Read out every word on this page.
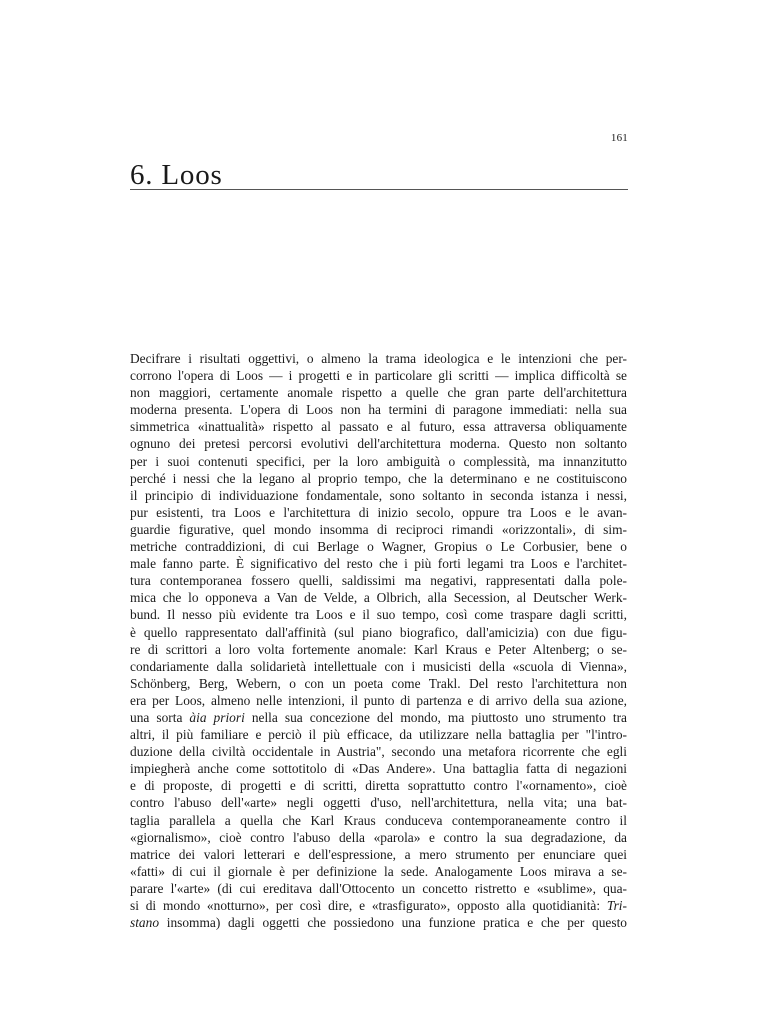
161
6. Loos
Decifrare i risultati oggettivi, o almeno la trama ideologica e le intenzioni che per-
corrono l'opera di Loos — i progetti e in particolare gli scritti — implica difficoltà se
non maggiori, certamente anomale rispetto a quelle che gran parte dell'architettura
moderna presenta. L'opera di Loos non ha termini di paragone immediati: nella sua
simmetrica «inattualità» rispetto al passato e al futuro, essa attraversa obliquamente
ognuno dei pretesi percorsi evolutivi dell'architettura moderna. Questo non soltanto
per i suoi contenuti specifici, per la loro ambiguità o complessità, ma innanzitutto
perché i nessi che la legano al proprio tempo, che la determinano e ne costituiscono
il principio di individuazione fondamentale, sono soltanto in seconda istanza i nessi,
pur esistenti, tra Loos e l'architettura di inizio secolo, oppure tra Loos e le avan-
guardie figurative, quel mondo insomma di reciproci rimandi «orizzontali», di sim-
metriche contraddizioni, di cui Berlage o Wagner, Gropius o Le Corbusier, bene o
male fanno parte. È significativo del resto che i più forti legami tra Loos e l'architet-
tura contemporanea fossero quelli, saldissimi ma negativi, rappresentati dalla pole-
mica che lo opponeva a Van de Velde, a Olbrich, alla Secession, al Deutscher Werk-
bund. Il nesso più evidente tra Loos e il suo tempo, così come traspare dagli scritti,
è quello rappresentato dall'affinità (sul piano biografico, dall'amicizia) con due figu-
re di scrittori a loro volta fortemente anomale: Karl Kraus e Peter Altenberg; o se-
condariamente dalla solidarietà intellettuale con i musicisti della «scuola di Vienna»,
Schönberg, Berg, Webern, o con un poeta come Trakl. Del resto l'architettura non
era per Loos, almeno nelle intenzioni, il punto di partenza e di arrivo della sua azione,
una sorta àia priori nella sua concezione del mondo, ma piuttosto uno strumento tra
altri, il più familiare e perciò il più efficace, da utilizzare nella battaglia per "l'intro-
duzione della civiltà occidentale in Austria", secondo una metafora ricorrente che egli
impiegherà anche come sottotitolo di «Das Andere». Una battaglia fatta di negazioni
e di proposte, di progetti e di scritti, diretta soprattutto contro l'«ornamento», cioè
contro l'abuso dell'«arte» negli oggetti d'uso, nell'architettura, nella vita; una bat-
taglia parallela a quella che Karl Kraus conduceva contemporaneamente contro il
«giornalismo», cioè contro l'abuso della «parola» e contro la sua degradazione, da
matrice dei valori letterari e dell'espressione, a mero strumento per enunciare quei
«fatti» di cui il giornale è per definizione la sede. Analogamente Loos mirava a se-
parare l'«arte» (di cui ereditava dall'Ottocento un concetto ristretto e «sublime», qua-
si di mondo «notturno», per così dire, e «trasfigurato», opposto alla quotidianità: Tri-
stano insomma) dagli oggetti che possiedono una funzione pratica e che per questo
